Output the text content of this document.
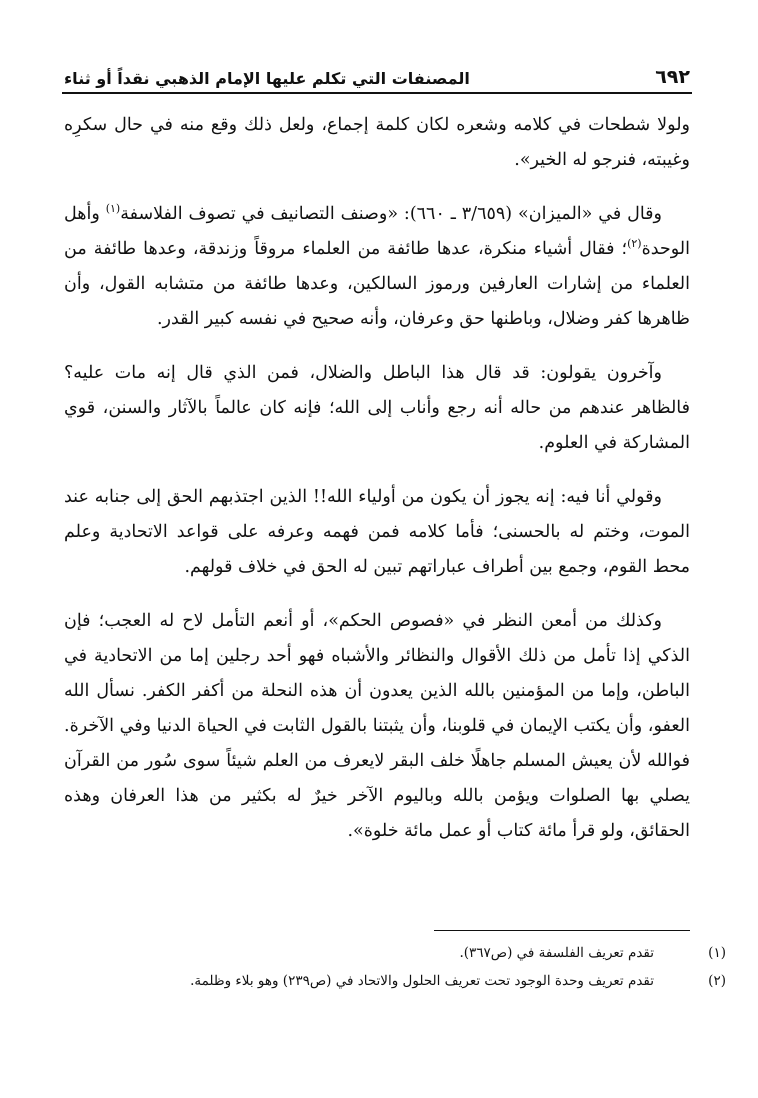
٦٩٢
المصنفات التي تكلم عليها الإمام الذهبي نقداً أو ثناء

ولولا شطحات في كلامه وشعره لكان كلمة إجماع، ولعل ذلك وقع منه في حال سكرِه وغيبته، فنرجو له الخير».

وقال في «الميزان» (٣/٦٥٩ ـ ٦٦٠): «وصنف التصانيف في تصوف الفلاسفة$^{(١)}$ وأهل الوحدة$^{(٢)}$؛ فقال أشياء منكرة، عدها طائفة من العلماء مروقاً وزندقة، وعدها طائفة من العلماء من إشارات العارفين ورموز السالكين، وعدها طائفة من متشابه القول، وأن ظاهرها كفر وضلال، وباطنها حق وعرفان، وأنه صحيح في نفسه كبير القدر.

وآخرون يقولون: قد قال هذا الباطل والضلال، فمن الذي قال إنه مات عليه؟ فالظاهر عندهم من حاله أنه رجع وأناب إلى الله؛ فإنه كان عالماً بالآثار والسنن، قوي المشاركة في العلوم.

وقولي أنا فيه: إنه يجوز أن يكون من أولياء الله!! الذين اجتذبهم الحق إلى جنابه عند الموت، وختم له بالحسنى؛ فأما كلامه فمن فهمه وعرفه على قواعد الاتحادية وعلم محط القوم، وجمع بين أطراف عباراتهم تبين له الحق في خلاف قولهم.

وكذلك من أمعن النظر في «فصوص الحكم»، أو أنعم التأمل لاح له العجب؛ فإن الذكي إذا تأمل من ذلك الأقوال والنظائر والأشباه فهو أحد رجلين إما من الاتحادية في الباطن، وإما من المؤمنين بالله الذين يعدون أن هذه النحلة من أكفر الكفر. نسأل الله العفو، وأن يكتب الإيمان في قلوبنا، وأن يثبتنا بالقول الثابت في الحياة الدنيا وفي الآخرة. فوالله لأن يعيش المسلم جاهلًا خلف البقر لايعرف من العلم شيئاً سوى سُور من القرآن يصلي بها الصلوات ويؤمن بالله وباليوم الآخر خيرٌ له بكثير من هذا العرفان وهذه الحقائق، ولو قرأ مائة كتاب أو عمل مائة خلوة».

(١)تقدم تعريف الفلسفة في (ص٣٦٧).
(٢)تقدم تعريف وحدة الوجود تحت تعريف الحلول والاتحاد في (ص٢٣٩) وهو بلاء وظلمة.
